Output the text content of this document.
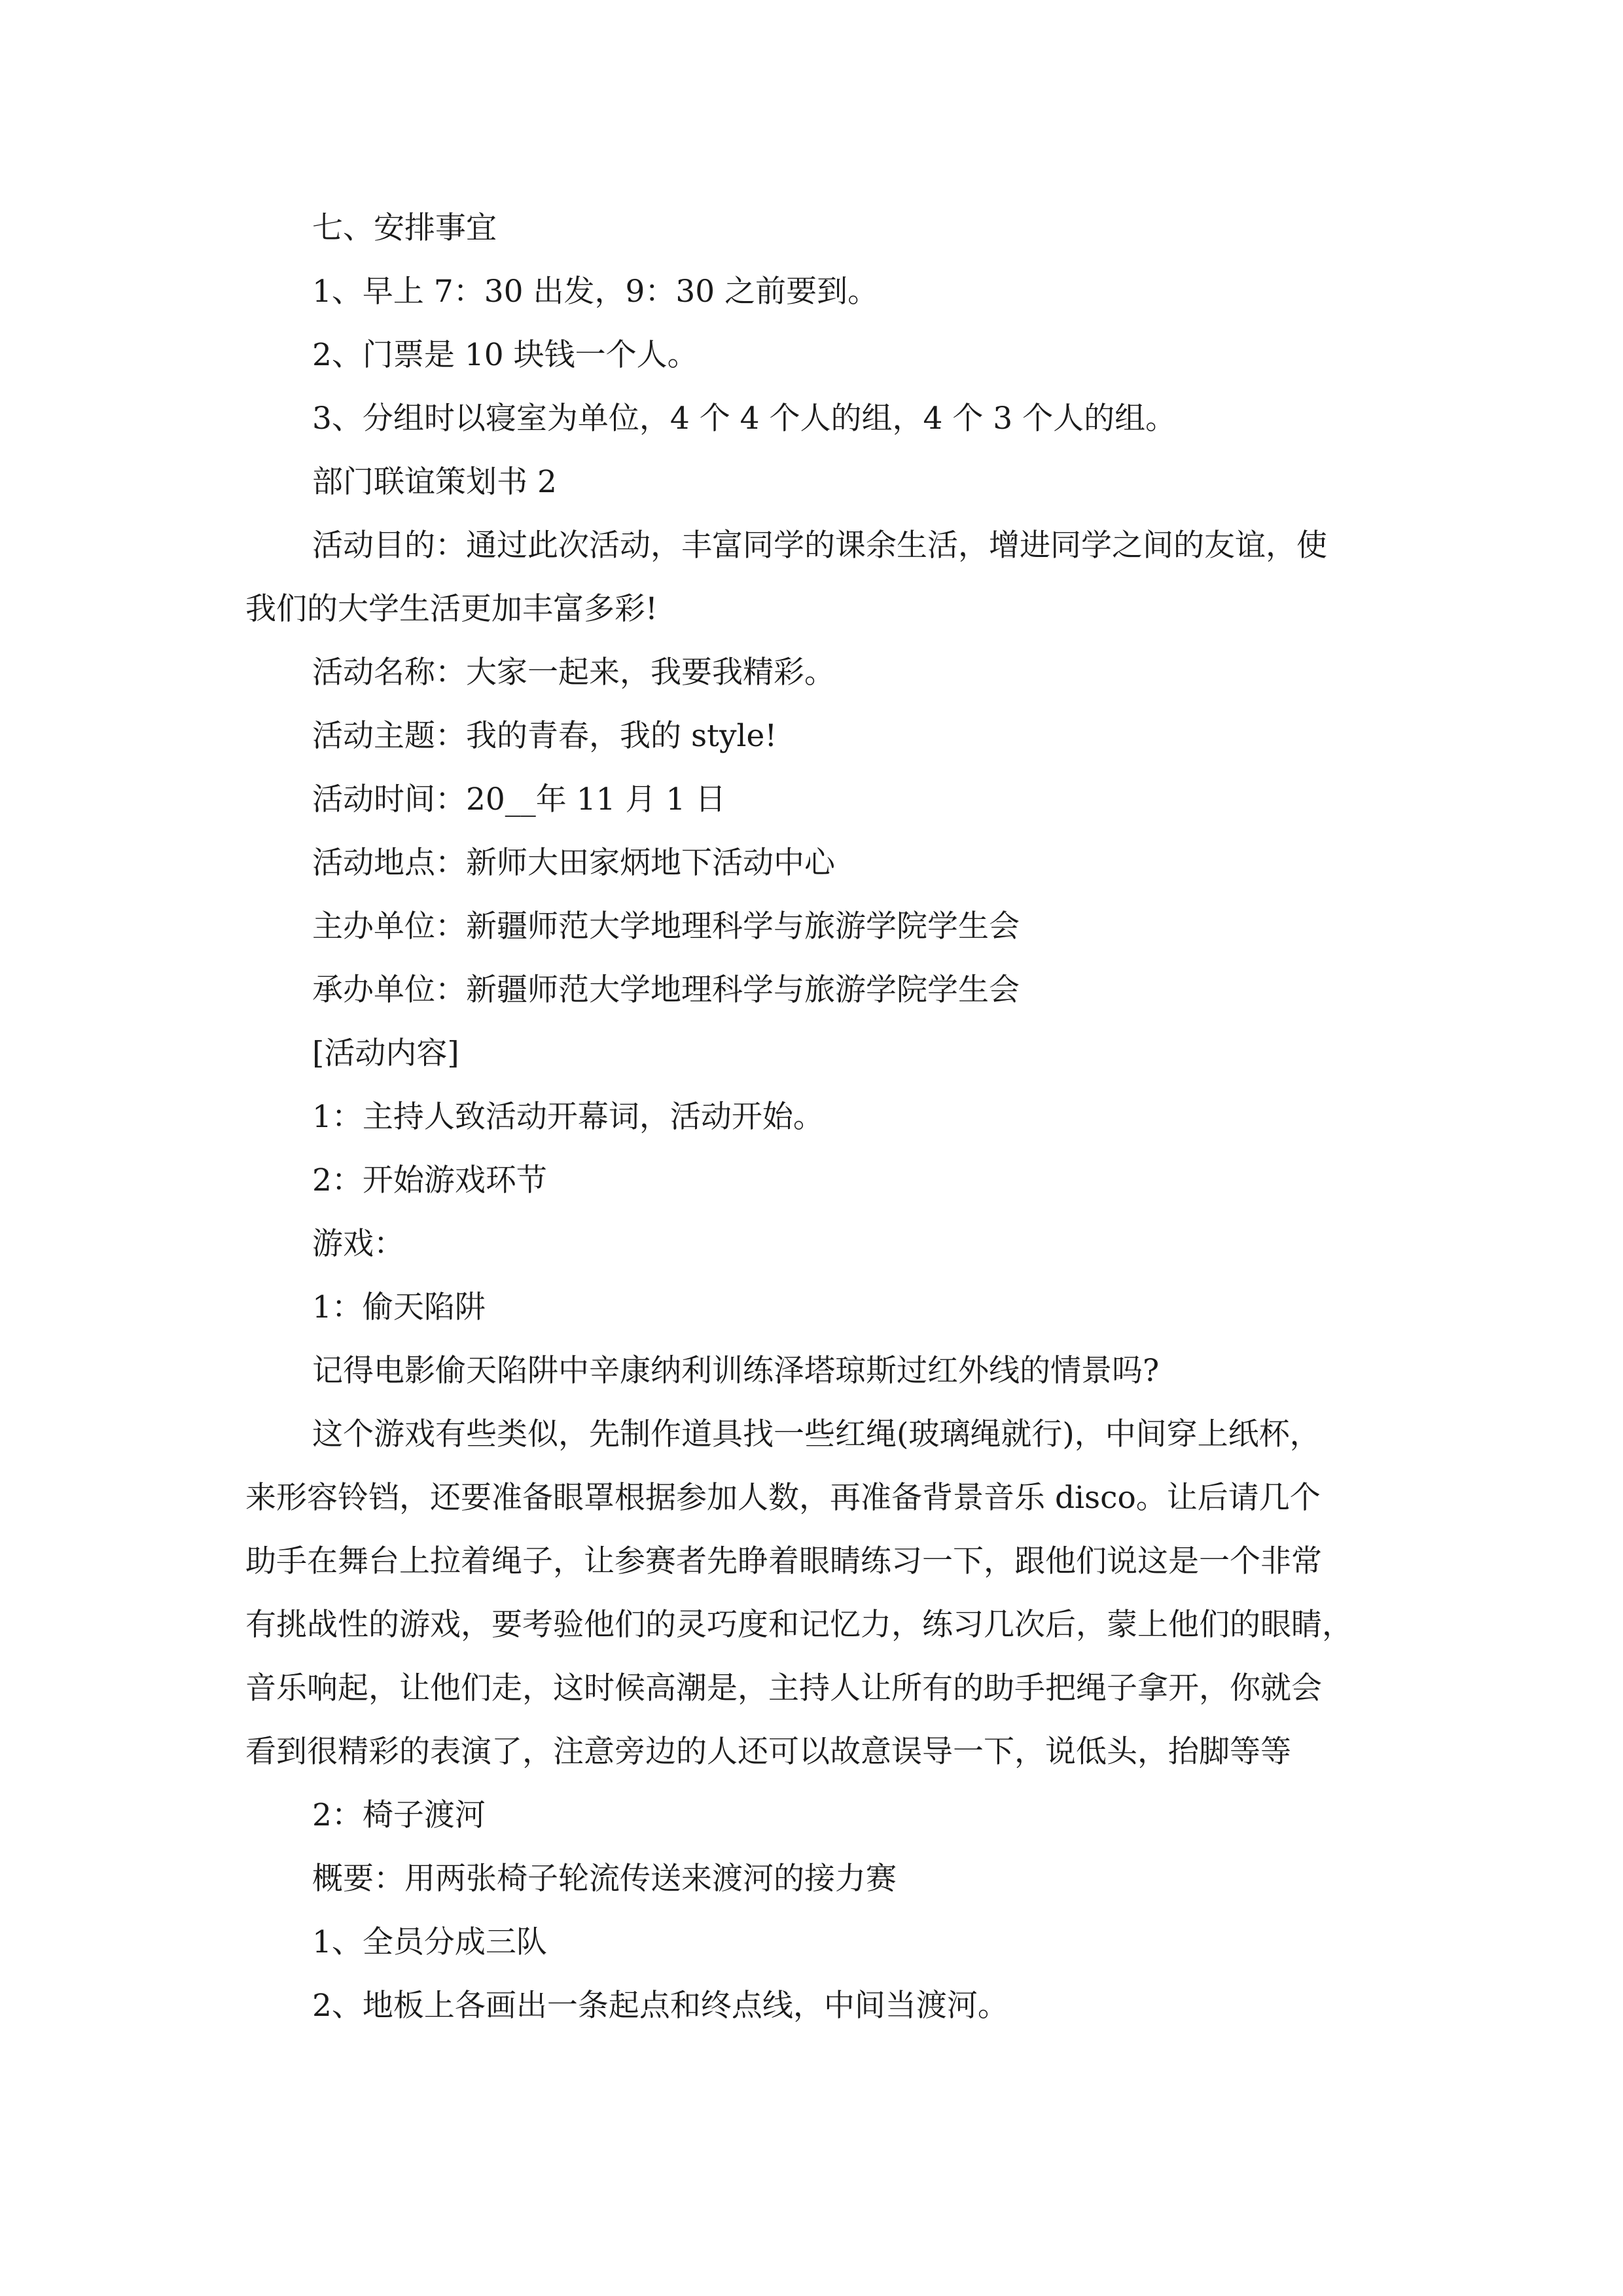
七、安排事宜
1、早上 7：30 出发，9：30 之前要到。
2、门票是 10 块钱一个人。
3、分组时以寝室为单位，4 个 4 个人的组，4 个 3 个人的组。
部门联谊策划书 2
活动目的：通过此次活动，丰富同学的课余生活，增进同学之间的友谊，使
我们的大学生活更加丰富多彩!
活动名称：大家一起来，我要我精彩。
活动主题：我的青春，我的 style!
活动时间：20__年 11 月 1 日
活动地点：新师大田家炳地下活动中心
主办单位：新疆师范大学地理科学与旅游学院学生会
承办单位：新疆师范大学地理科学与旅游学院学生会
[活动内容]
1：主持人致活动开幕词，活动开始。
2：开始游戏环节
游戏：
1：偷天陷阱
记得电影偷天陷阱中辛康纳利训练泽塔琼斯过红外线的情景吗?
这个游戏有些类似，先制作道具找一些红绳(玻璃绳就行)，中间穿上纸杯，
来形容铃铛，还要准备眼罩根据参加人数，再准备背景音乐 disco。让后请几个
助手在舞台上拉着绳子，让参赛者先睁着眼睛练习一下，跟他们说这是一个非常
有挑战性的游戏，要考验他们的灵巧度和记忆力，练习几次后，蒙上他们的眼睛，
音乐响起，让他们走，这时候高潮是，主持人让所有的助手把绳子拿开，你就会
看到很精彩的表演了，注意旁边的人还可以故意误导一下，说低头，抬脚等等
2：椅子渡河
概要：用两张椅子轮流传送来渡河的接力赛
1、全员分成三队
2、地板上各画出一条起点和终点线，中间当渡河。
